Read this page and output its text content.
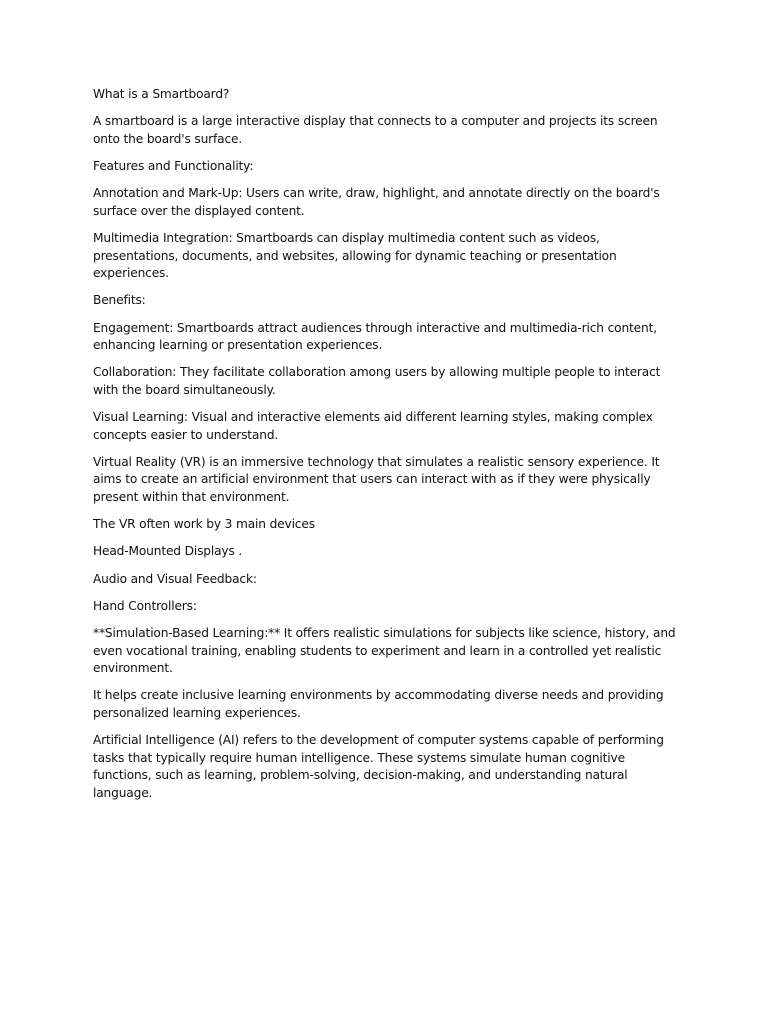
What is a Smartboard?

A smartboard is a large interactive display that connects to a computer and projects its screen onto the board's surface.

Features and Functionality:

Annotation and Mark-Up: Users can write, draw, highlight, and annotate directly on the board's surface over the displayed content.

Multimedia Integration: Smartboards can display multimedia content such as videos, presentations, documents, and websites, allowing for dynamic teaching or presentation experiences.

Benefits:

Engagement: Smartboards attract audiences through interactive and multimedia-rich content, enhancing learning or presentation experiences.

Collaboration: They facilitate collaboration among users by allowing multiple people to interact with the board simultaneously.

Visual Learning: Visual and interactive elements aid different learning styles, making complex concepts easier to understand.

Virtual Reality (VR) is an immersive technology that simulates a realistic sensory experience. It aims to create an artificial environment that users can interact with as if they were physically present within that environment.

The VR often work by 3 main devices

Head-Mounted Displays .

Audio and Visual Feedback:

Hand Controllers:

**Simulation-Based Learning:** It offers realistic simulations for subjects like science, history, and even vocational training, enabling students to experiment and learn in a controlled yet realistic environment.

It helps create inclusive learning environments by accommodating diverse needs and providing personalized learning experiences.

Artificial Intelligence (AI) refers to the development of computer systems capable of performing tasks that typically require human intelligence. These systems simulate human cognitive functions, such as learning, problem-solving, decision-making, and understanding natural language.
